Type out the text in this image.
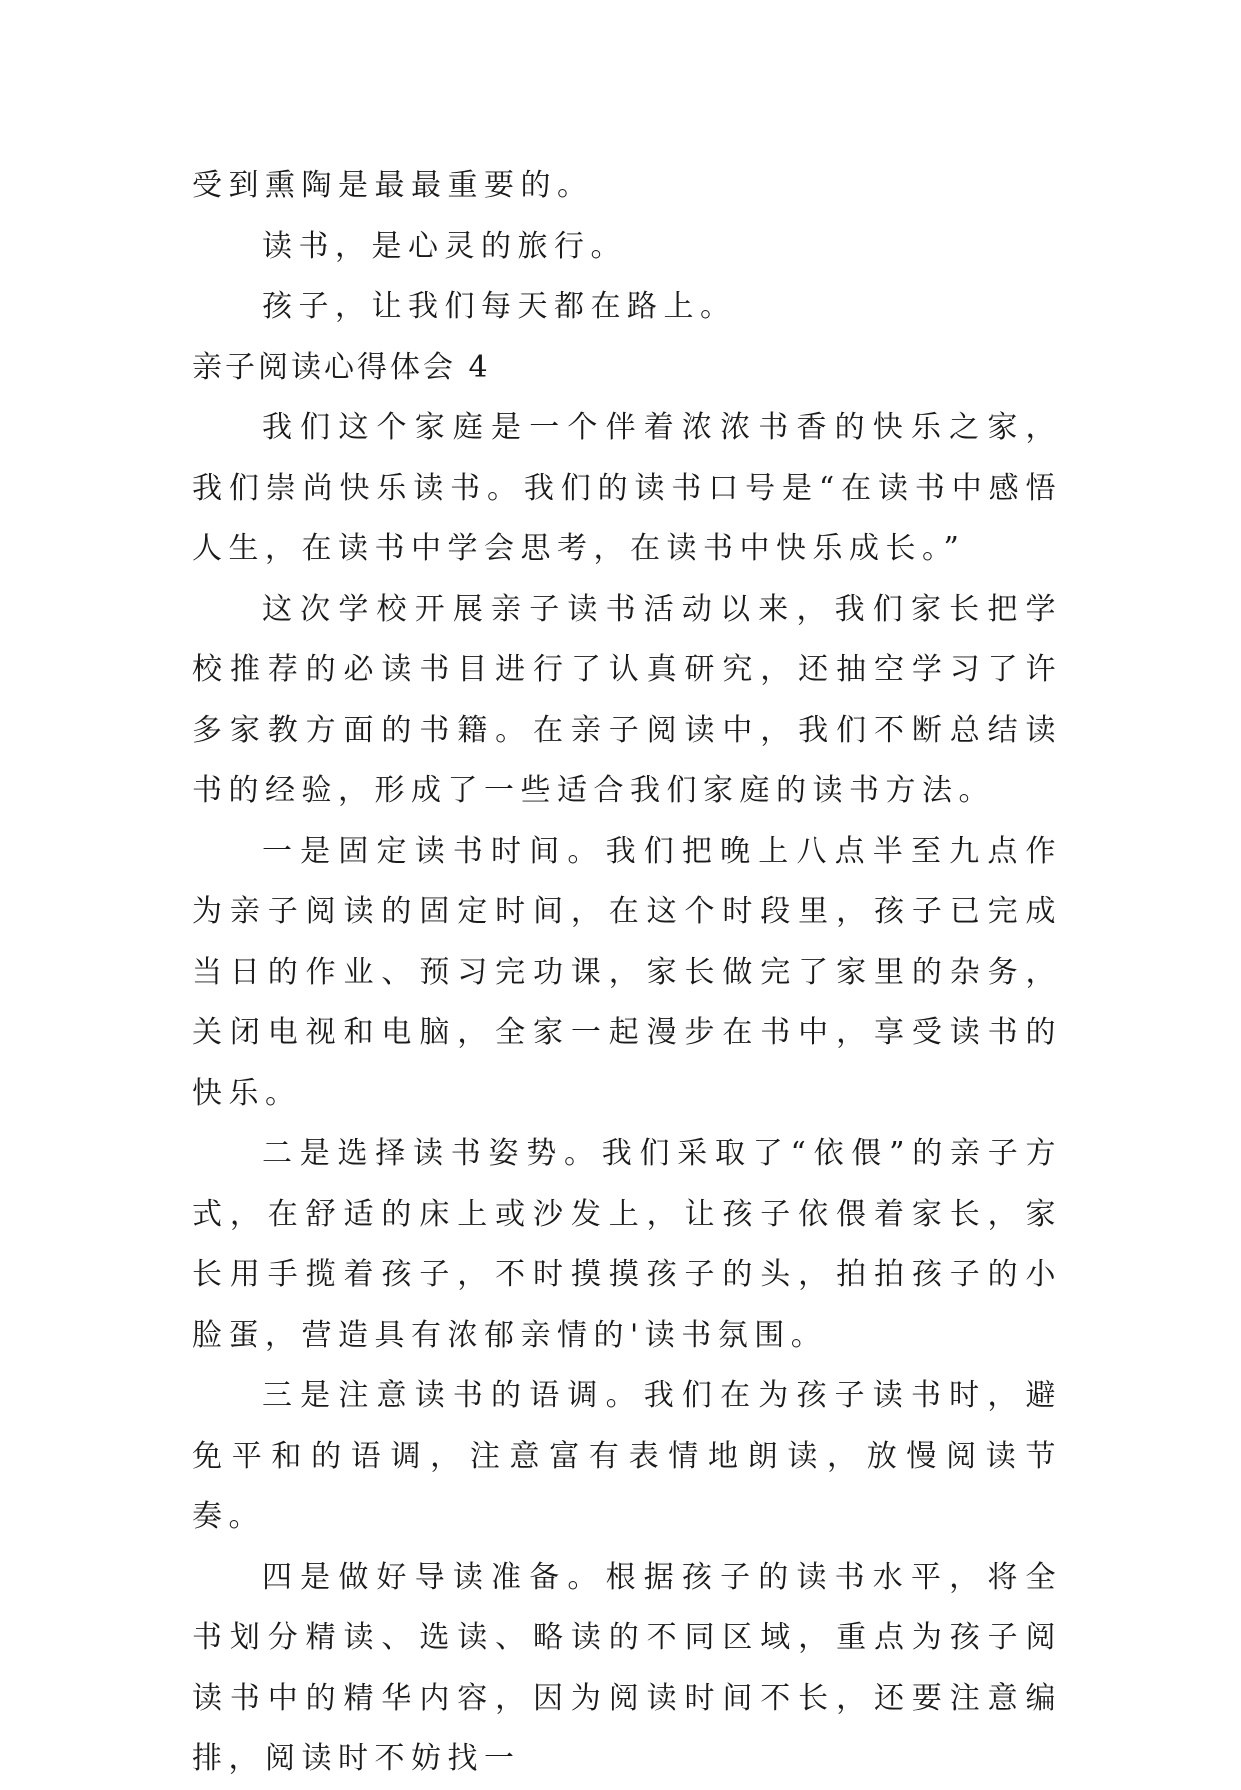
受到熏陶是最最重要的。

读书，是心灵的旅行。

孩子，让我们每天都在路上。

亲子阅读心得体会 4

我们这个家庭是一个伴着浓浓书香的快乐之家，我们崇尚快乐读书。我们的读书口号是“在读书中感悟人生，在读书中学会思考，在读书中快乐成长。”

这次学校开展亲子读书活动以来，我们家长把学校推荐的必读书目进行了认真研究，还抽空学习了许多家教方面的书籍。在亲子阅读中，我们不断总结读书的经验，形成了一些适合我们家庭的读书方法。

一是固定读书时间。我们把晚上八点半至九点作为亲子阅读的固定时间，在这个时段里，孩子已完成当日的作业、预习完功课，家长做完了家里的杂务，关闭电视和电脑，全家一起漫步在书中，享受读书的快乐。

二是选择读书姿势。我们采取了“依偎”的亲子方式，在舒适的床上或沙发上，让孩子依偎着家长，家长用手揽着孩子，不时摸摸孩子的头，拍拍孩子的小脸蛋，营造具有浓郁亲情的'读书氛围。

三是注意读书的语调。我们在为孩子读书时，避免平和的语调，注意富有表情地朗读，放慢阅读节奏。

四是做好导读准备。根据孩子的读书水平，将全书划分精读、选读、略读的不同区域，重点为孩子阅读书中的精华内容，因为阅读时间不长，还要注意编排，阅读时不妨找一
